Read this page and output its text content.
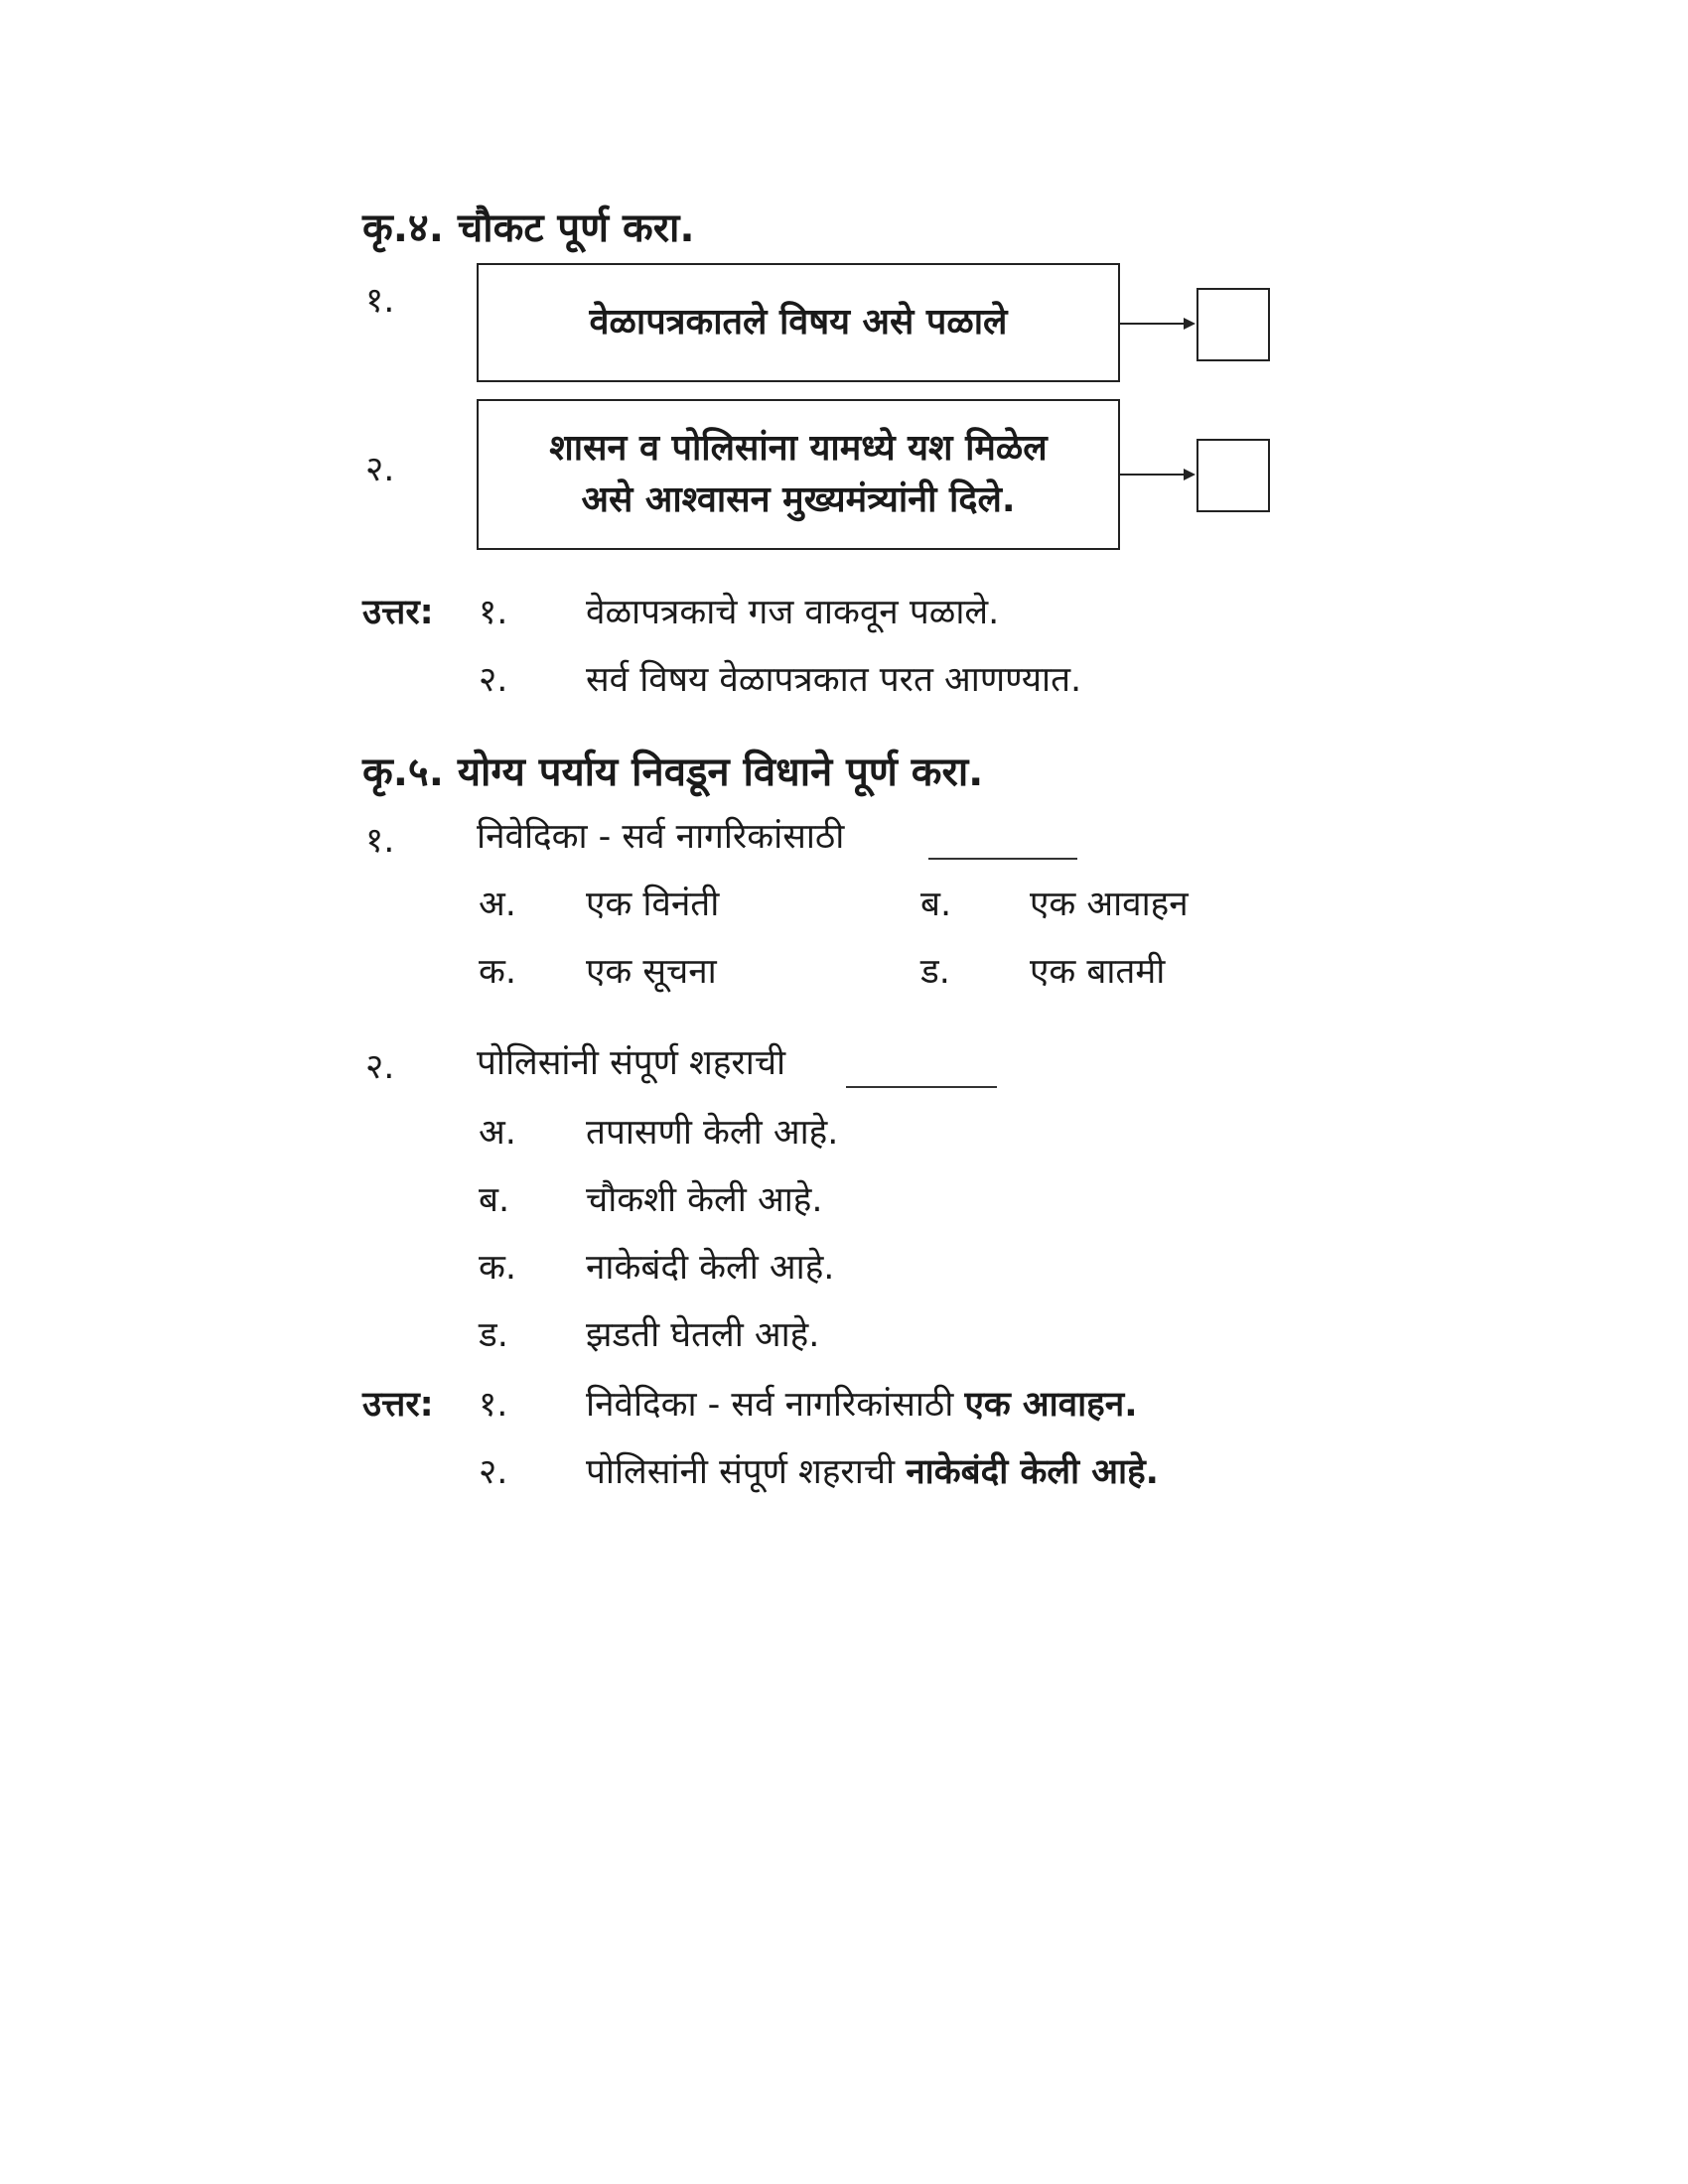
कृ.४. चौकट पूर्ण करा.
१.
वेळापत्रकातले विषय असे पळाले
२.
शासन व पोलिसांना यामध्ये यश मिळेल
असे आश्वासन मुख्यमंत्र्यांनी दिले.
उत्तर: १. वेळापत्रकाचे गज वाकवून पळाले.
२. सर्व विषय वेळापत्रकात परत आणण्यात.
कृ.५. योग्य पर्याय निवडून विधाने पूर्ण करा.
१. निवेदिका - सर्व नागरिकांसाठी
अ. एक विनंती	ब. एक आवाहन
क. एक सूचना	ड. एक बातमी
२. पोलिसांनी संपूर्ण शहराची
अ. तपासणी केली आहे.
ब. चौकशी केली आहे.
क. नाकेबंदी केली आहे.
ड. झडती घेतली आहे.
उत्तर: १. निवेदिका - सर्व नागरिकांसाठी एक आवाहन.
२. पोलिसांनी संपूर्ण शहराची नाकेबंदी केली आहे.
